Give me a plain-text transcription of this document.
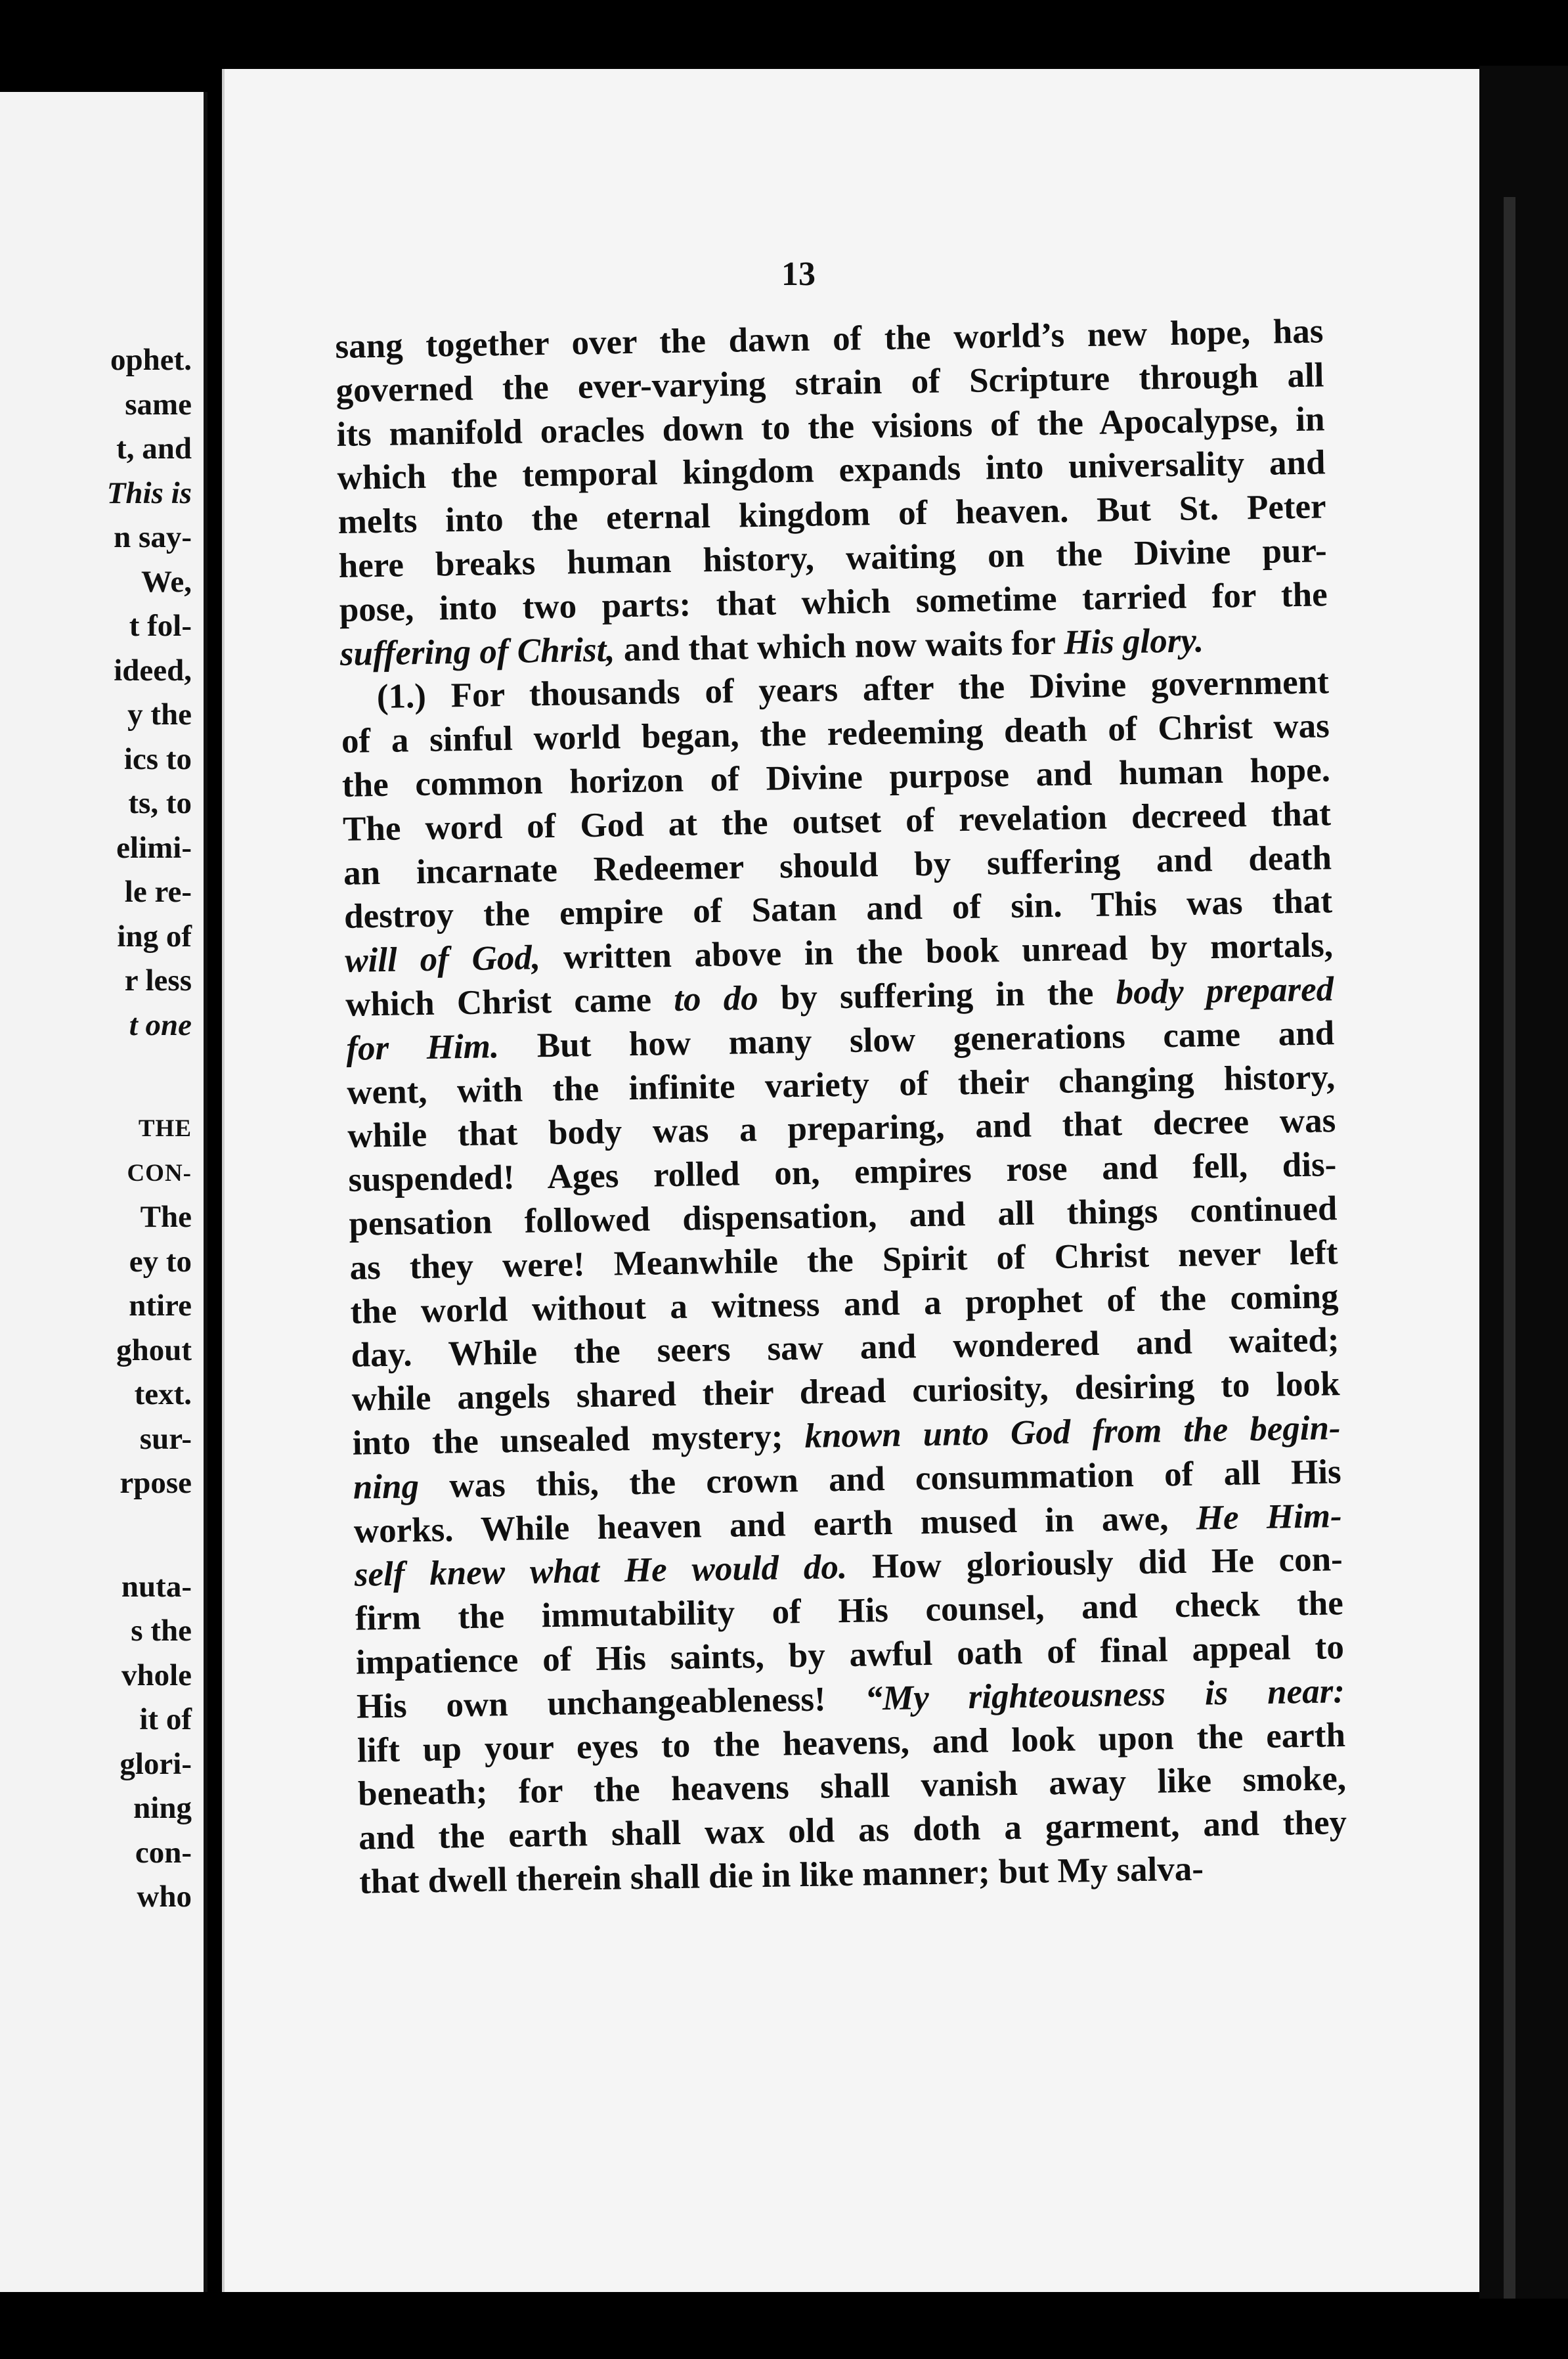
ophet.
same
t, and
This is
n say-
We,
t fol-
ideed,
y the
ics to
ts, to
elimi-
le re-
ing of
r less
t one
THE
CON-
The
ey to
ntire
ghout
text.
sur-
rpose
nuta-
s the
vhole
it of
glori-
ning
con-
who
13
sang together over the dawn of the world’s new hope, has
governed the ever-varying strain of Scripture through all
its manifold oracles down to the visions of the Apocalypse, in
which the temporal kingdom expands into universality and
melts into the eternal kingdom of heaven. But St. Peter
here breaks human history, waiting on the Divine pur-
pose, into two parts: that which sometime tarried for the
suffering of Christ, and that which now waits for His glory.
(1.) For thousands of years after the Divine government
of a sinful world began, the redeeming death of Christ was
the common horizon of Divine purpose and human hope.
The word of God at the outset of revelation decreed that
an incarnate Redeemer should by suffering and death
destroy the empire of Satan and of sin. This was that
will of God, written above in the book unread by mortals,
which Christ came to do by suffering in the body prepared
for Him. But how many slow generations came and
went, with the infinite variety of their changing history,
while that body was a preparing, and that decree was
suspended! Ages rolled on, empires rose and fell, dis-
pensation followed dispensation, and all things continued
as they were! Meanwhile the Spirit of Christ never left
the world without a witness and a prophet of the coming
day. While the seers saw and wondered and waited;
while angels shared their dread curiosity, desiring to look
into the unsealed mystery; known unto God from the begin-
ning was this, the crown and consummation of all His
works. While heaven and earth mused in awe, He Him-
self knew what He would do. How gloriously did He con-
firm the immutability of His counsel, and check the
impatience of His saints, by awful oath of final appeal to
His own unchangeableness! “My righteousness is near:
lift up your eyes to the heavens, and look upon the earth
beneath; for the heavens shall vanish away like smoke,
and the earth shall wax old as doth a garment, and they
that dwell therein shall die in like manner; but My salva-
